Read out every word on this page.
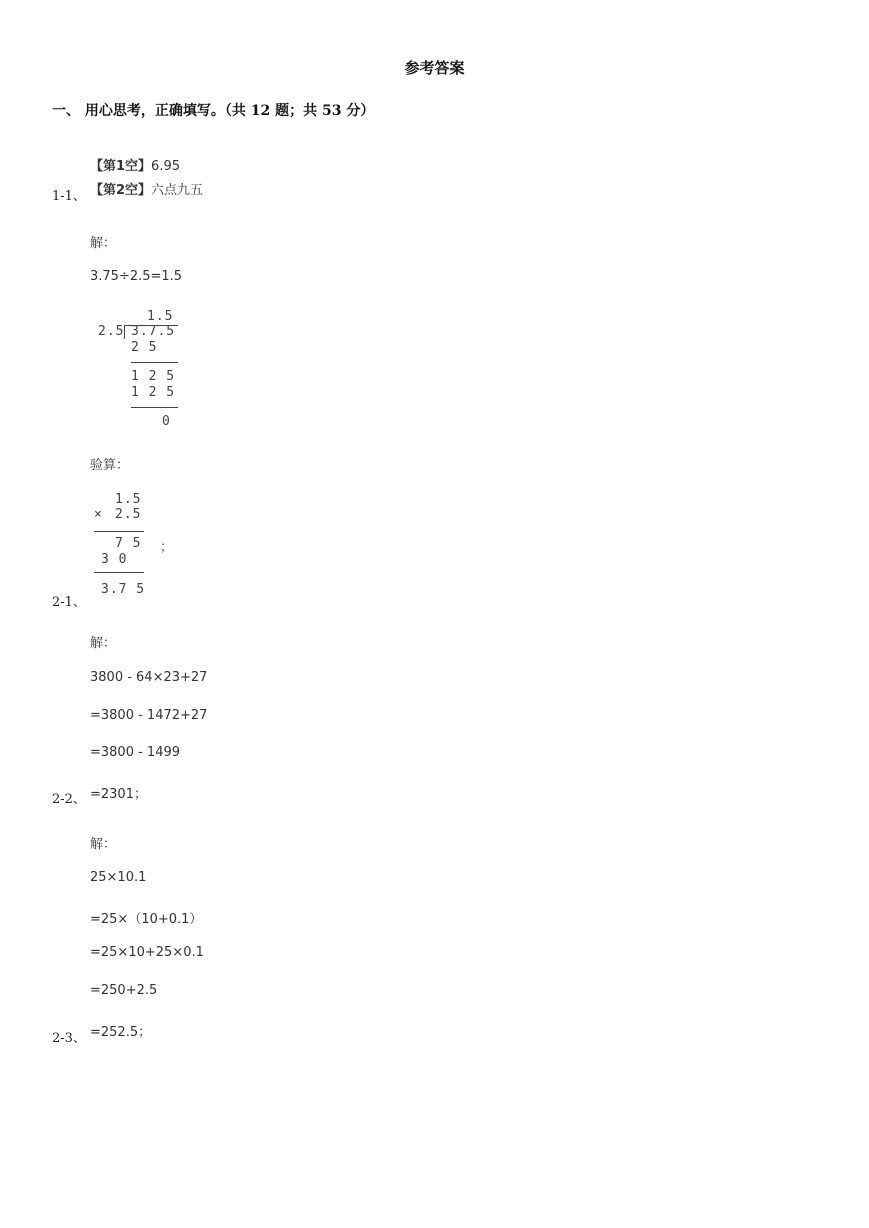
参考答案
一、 用心思考，正确填写。（共 12 题；共 53 分）
【第1空】6.95
【第2空】六点九五
1-1、
解：
3.75÷2.5=1.5
1.5
2.5 3.7.5
2 5
1 2 5
1 2 5
0
验算：
1.5
× 2.5
7 5 ；
3 0
3.7 5
2-1、
解：
3800 - 64×23+27
=3800 - 1472+27
=3800 - 1499
=2301；
2-2、
解：
25×10.1
=25×（10+0.1）
=25×10+25×0.1
=250+2.5
=252.5；
2-3、
